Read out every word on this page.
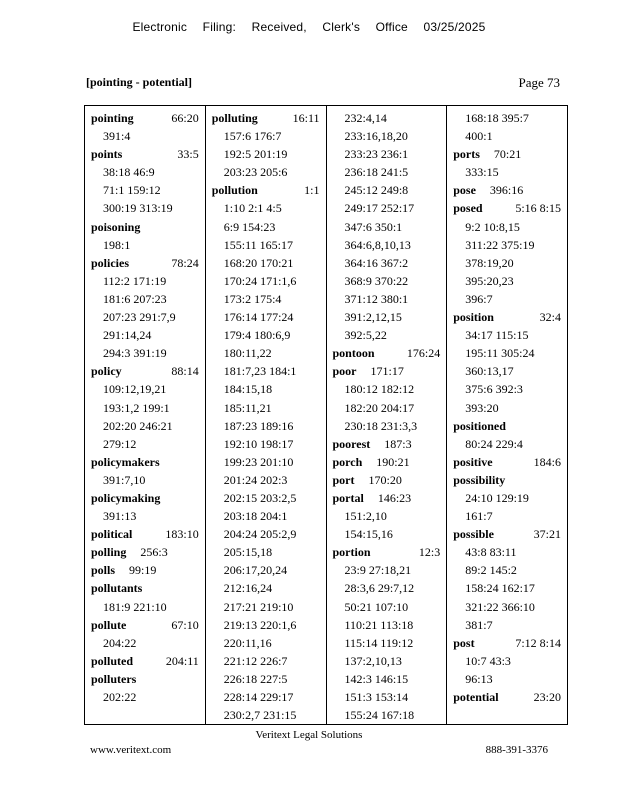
Electronic Filing: Received, Clerk's Office 03/25/2025
[pointing - potential]	Page 73
pointing	66:20
391:4
points	33:5
38:18 46:9
71:1 159:12
300:19 313:19
poisoning
198:1
policies	78:24
112:2 171:19
181:6 207:23
207:23 291:7,9
291:14,24
294:3 391:19
policy	88:14
109:12,19,21
193:1,2 199:1
202:20 246:21
279:12
policymakers
391:7,10
policymaking
391:13
political	183:10
polling 256:3
polls 99:19
pollutants
181:9 221:10
pollute	67:10
204:22
polluted	204:11
polluters
202:22
polluting	16:11
157:6 176:7
192:5 201:19
203:23 205:6
pollution	1:1
1:10 2:1 4:5
6:9 154:23
155:11 165:17
168:20 170:21
170:24 171:1,6
173:2 175:4
176:14 177:24
179:4 180:6,9
180:11,22
181:7,23 184:1
184:15,18
185:11,21
187:23 189:16
192:10 198:17
199:23 201:10
201:24 202:3
202:15 203:2,5
203:18 204:1
204:24 205:2,9
205:15,18
206:17,20,24
212:16,24
217:21 219:10
219:13 220:1,6
220:11,16
221:12 226:7
226:18 227:5
228:14 229:17
230:2,7 231:15
232:4,14
233:16,18,20
233:23 236:1
236:18 241:5
245:12 249:8
249:17 252:17
347:6 350:1
364:6,8,10,13
364:16 367:2
368:9 370:22
371:12 380:1
391:2,12,15
392:5,22
pontoon	176:24
poor 171:17
180:12 182:12
182:20 204:17
230:18 231:3,3
poorest 187:3
porch 190:21
port 170:20
portal 146:23
151:2,10
154:15,16
portion	12:3
23:9 27:18,21
28:3,6 29:7,12
50:21 107:10
110:21 113:18
115:14 119:12
137:2,10,13
142:3 146:15
151:3 153:14
155:24 167:18
168:18 395:7
400:1
ports 70:21
333:15
pose 396:16
posed	5:16 8:15
9:2 10:8,15
311:22 375:19
378:19,20
395:20,23
396:7
position	32:4
34:17 115:15
195:11 305:24
360:13,17
375:6 392:3
393:20
positioned
80:24 229:4
positive	184:6
possibility
24:10 129:19
161:7
possible	37:21
43:8 83:11
89:2 145:2
158:24 162:17
321:22 366:10
381:7
post	7:12 8:14
10:7 43:3
96:13
potential	23:20
Veritext Legal Solutions
www.veritext.com	888-391-3376
